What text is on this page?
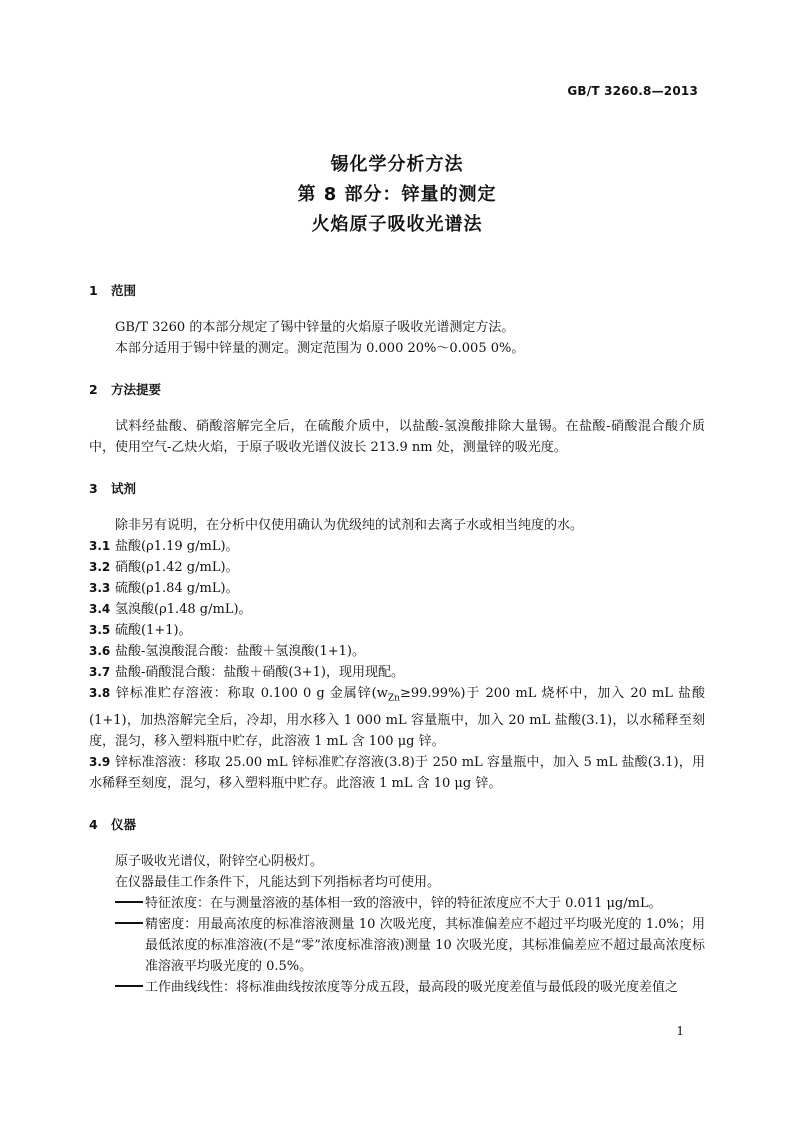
GB/T 3260.8—2013
锡化学分析方法
第 8 部分：锌量的测定
火焰原子吸收光谱法
1 范围
GB/T 3260 的本部分规定了锡中锌量的火焰原子吸收光谱测定方法。
本部分适用于锡中锌量的测定。测定范围为 0.000 20%～0.005 0%。
2 方法提要
试料经盐酸、硝酸溶解完全后，在硫酸介质中，以盐酸-氢溴酸排除大量锡。在盐酸-硝酸混合酸介质中，使用空气-乙炔火焰，于原子吸收光谱仪波长 213.9 nm 处，测量锌的吸光度。
3 试剂
除非另有说明，在分析中仅使用确认为优级纯的试剂和去离子水或相当纯度的水。
3.1 盐酸(ρ1.19 g/mL)。
3.2 硝酸(ρ1.42 g/mL)。
3.3 硫酸(ρ1.84 g/mL)。
3.4 氢溴酸(ρ1.48 g/mL)。
3.5 硫酸(1+1)。
3.6 盐酸-氢溴酸混合酸：盐酸＋氢溴酸(1+1)。
3.7 盐酸-硝酸混合酸：盐酸＋硝酸(3+1)，现用现配。
3.8 锌标准贮存溶液：称取 0.100 0 g 金属锌$(w_{Zn}\ge 99.99\%)$于 200 mL 烧杯中，加入 20 mL 盐酸(1+1)，加热溶解完全后，冷却，用水移入 1 000 mL 容量瓶中，加入 20 mL 盐酸(3.1)，以水稀释至刻度，混匀，移入塑料瓶中贮存，此溶液 1 mL 含 100 μg 锌。
3.9 锌标准溶液：移取 25.00 mL 锌标准贮存溶液(3.8)于 250 mL 容量瓶中，加入 5 mL 盐酸(3.1)，用水稀释至刻度，混匀，移入塑料瓶中贮存。此溶液 1 mL 含 10 μg 锌。
4 仪器
原子吸收光谱仪，附锌空心阴极灯。
在仪器最佳工作条件下，凡能达到下列指标者均可使用。
特征浓度：在与测量溶液的基体相一致的溶液中，锌的特征浓度应不大于 0.011 μg/mL。
精密度：用最高浓度的标准溶液测量 10 次吸光度，其标准偏差应不超过平均吸光度的 1.0%；用最低浓度的标准溶液(不是“零”浓度标准溶液)测量 10 次吸光度，其标准偏差应不超过最高浓度标准溶液平均吸光度的 0.5%。
工作曲线线性：将标准曲线按浓度等分成五段，最高段的吸光度差值与最低段的吸光度差值之
1
